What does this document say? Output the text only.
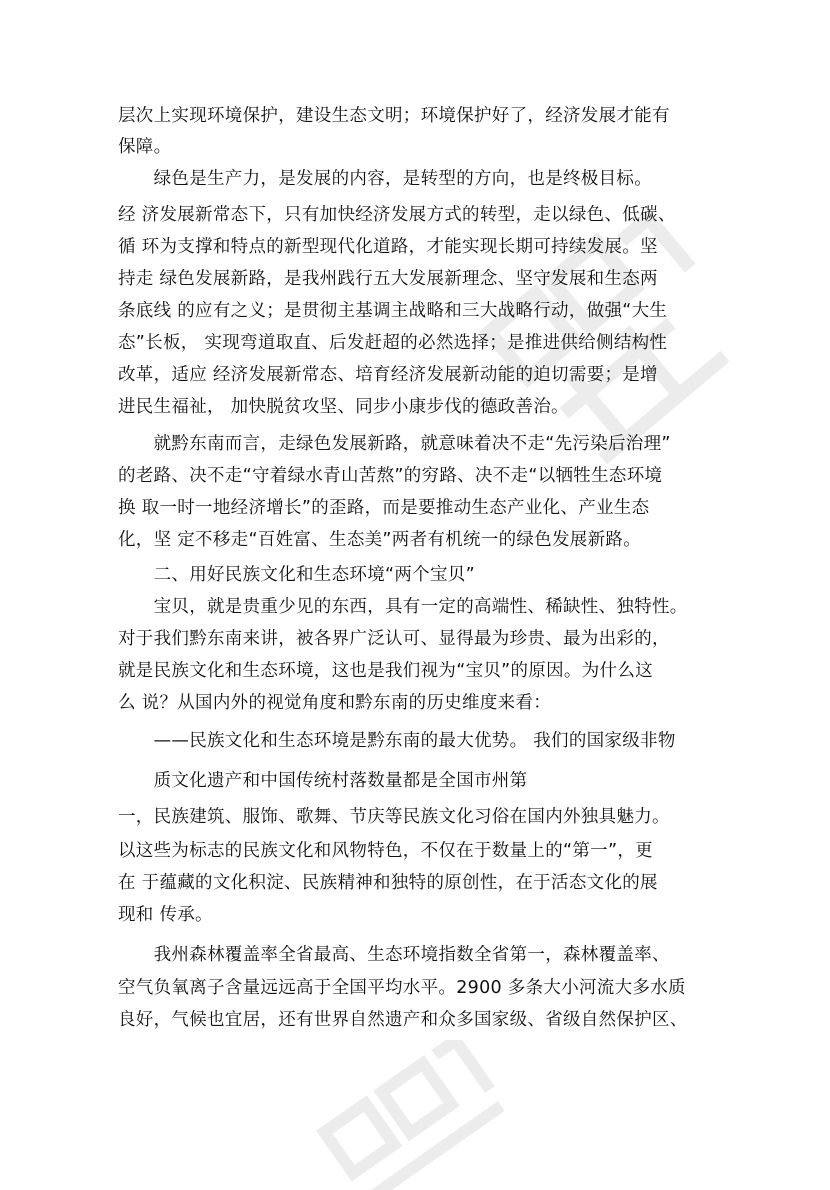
层次上实现环境保护，建设生态文明；环境保护好了，经济发展才能有
保障。
　　绿色是生产力，是发展的内容，是转型的方向，也是终极目标。
经 济发展新常态下，只有加快经济发展方式的转型，走以绿色、低碳、
循 环为支撑和特点的新型现代化道路，才能实现长期可持续发展。坚
持走 绿色发展新路，是我州践行五大发展新理念、坚守发展和生态两
条底线 的应有之义；是贯彻主基调主战略和三大战略行动，做强“大生
态”长板， 实现弯道取直、后发赶超的必然选择；是推进供给侧结构性
改革，适应 经济发展新常态、培育经济发展新动能的迫切需要；是增
进民生福祉， 加快脱贫攻坚、同步小康步伐的德政善治。
　　就黔东南而言，走绿色发展新路，就意味着决不走“先污染后治理”
的老路、决不走“守着绿水青山苦熬”的穷路、决不走“以牺牲生态环境
换 取一时一地经济增长”的歪路，而是要推动生态产业化、产业生态
化，坚 定不移走“百姓富、生态美”两者有机统一的绿色发展新路。
　　二、用好民族文化和生态环境“两个宝贝”
　　宝贝，就是贵重少见的东西，具有一定的高端性、稀缺性、独特性。
对于我们黔东南来讲，被各界广泛认可、显得最为珍贵、最为出彩的，
就是民族文化和生态环境，这也是我们视为“宝贝”的原因。为什么这
么 说？从国内外的视觉角度和黔东南的历史维度来看：
　　——民族文化和生态环境是黔东南的最大优势。 我们的国家级非物
　　质文化遗产和中国传统村落数量都是全国市州第
一，民族建筑、服饰、歌舞、节庆等民族文化习俗在国内外独具魅力。
以这些为标志的民族文化和风物特色，不仅在于数量上的“第一”，更
在 于蕴藏的文化积淀、民族精神和独特的原创性，在于活态文化的展
现和 传承。
　　我州森林覆盖率全省最高、生态环境指数全省第一，森林覆盖率、
空气负氧离子含量远远高于全国平均水平。2900 多条大小河流大多水质
良好，气候也宜居，还有世界自然遗产和众多国家级、省级自然保护区、
